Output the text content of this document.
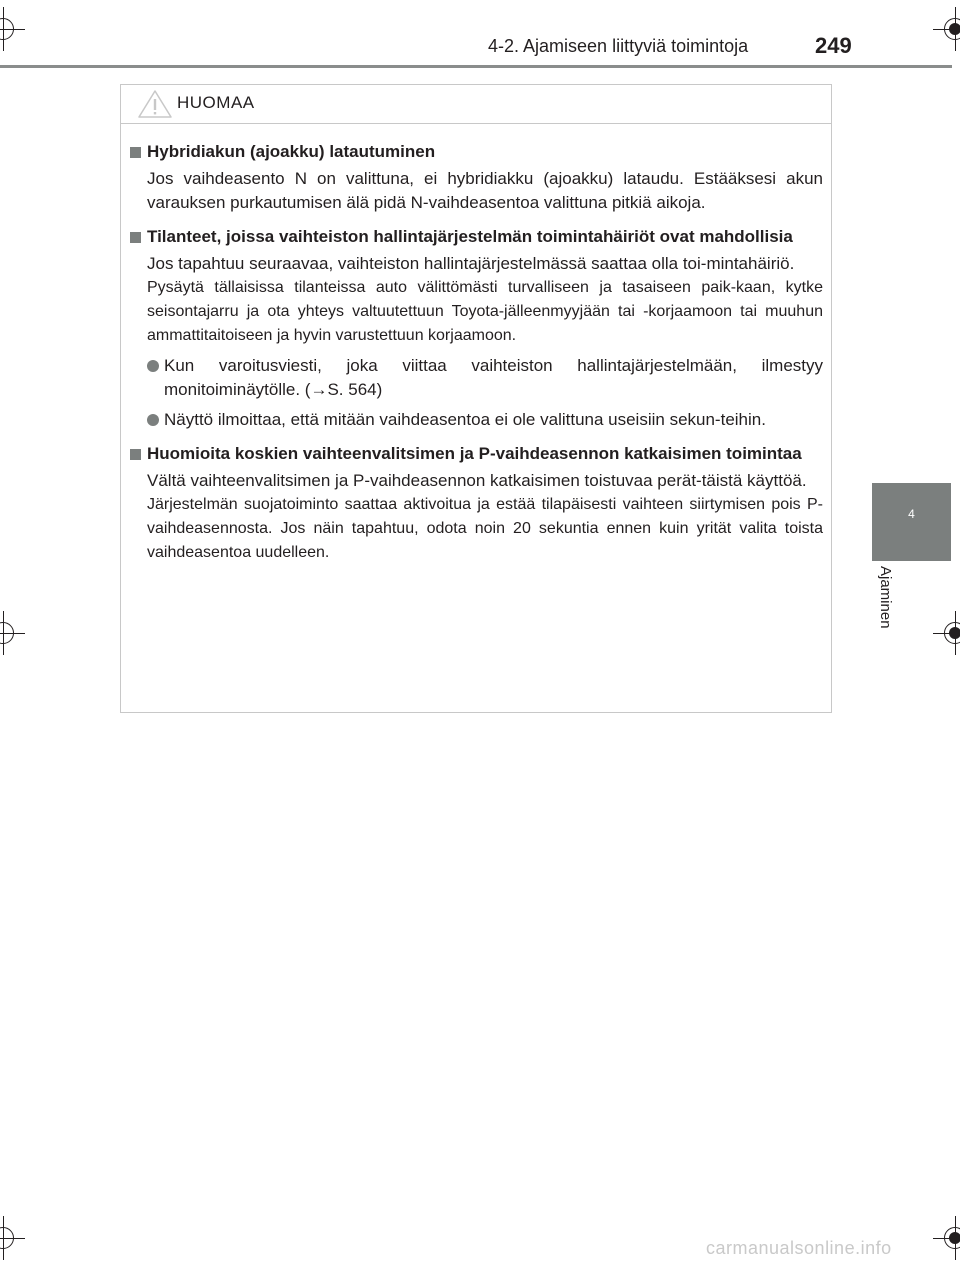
4-2. Ajamiseen liittyviä toimintoja	249
4
Ajaminen
HUOMAA
Hybridiakun (ajoakku) latautuminen
Jos vaihdeasento N on valittuna, ei hybridiakku (ajoakku) lataudu. Estääksesi akun varauksen purkautumisen älä pidä N-vaihdeasentoa valittuna pitkiä aikoja.
Tilanteet, joissa vaihteiston hallintajärjestelmän toimintahäiriöt ovat mahdollisia
Jos tapahtuu seuraavaa, vaihteiston hallintajärjestelmässä saattaa olla toi-mintahäiriö.
Pysäytä tällaisissa tilanteissa auto välittömästi turvalliseen ja tasaiseen paik-kaan, kytke seisontajarru ja ota yhteys valtuutettuun Toyota-jälleenmyyjään tai -korjaamoon tai muuhun ammattitaitoiseen ja hyvin varustettuun korjaamoon.
Kun varoitusviesti, joka viittaa vaihteiston hallintajärjestelmään, ilmestyy monitoiminäytölle. (→S. 564)
Näyttö ilmoittaa, että mitään vaihdeasentoa ei ole valittuna useisiin sekun-teihin.
Huomioita koskien vaihteenvalitsimen ja P-vaihdeasennon katkaisimen toimintaa
Vältä vaihteenvalitsimen ja P-vaihdeasennon katkaisimen toistuvaa perät-täistä käyttöä.
Järjestelmän suojatoiminto saattaa aktivoitua ja estää tilapäisesti vaihteen siirtymisen pois P-vaihdeasennosta. Jos näin tapahtuu, odota noin 20 sekuntia ennen kuin yrität valita toista vaihdeasentoa uudelleen.
carmanualsonline.info
